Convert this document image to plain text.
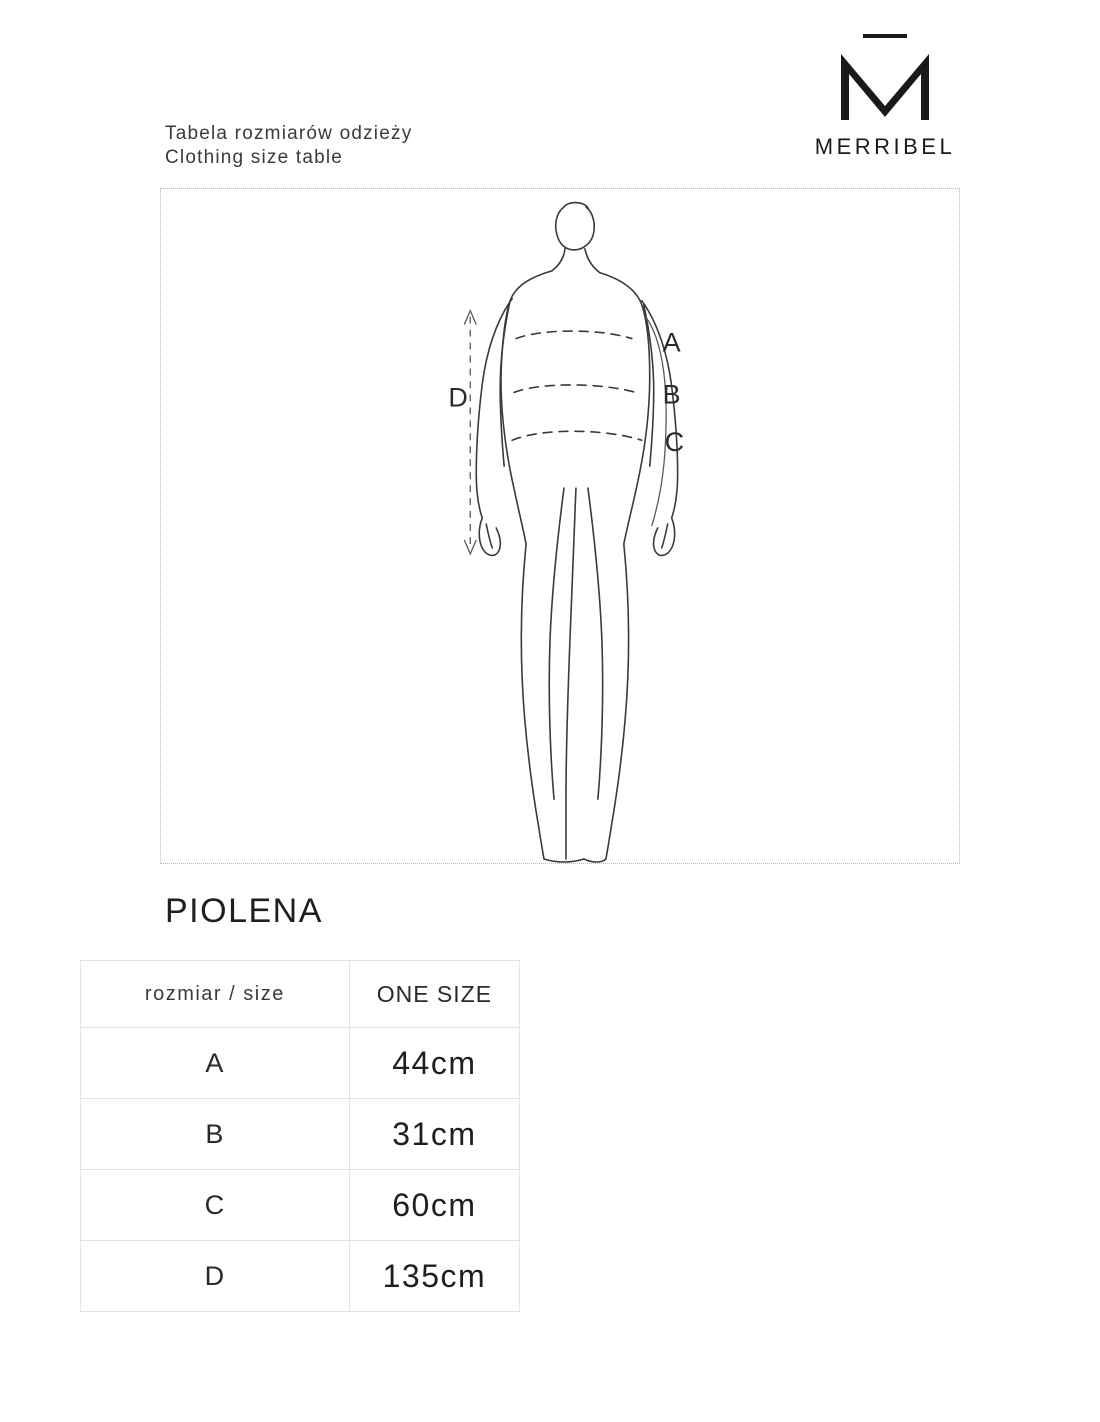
MERRIBEL
Tabela rozmiarów odzieży
Clothing size table
D
A
B
C
PIOLENA
rozmiar / size	ONE SIZE
A	44cm
B	31cm
C	60cm
D	135cm
